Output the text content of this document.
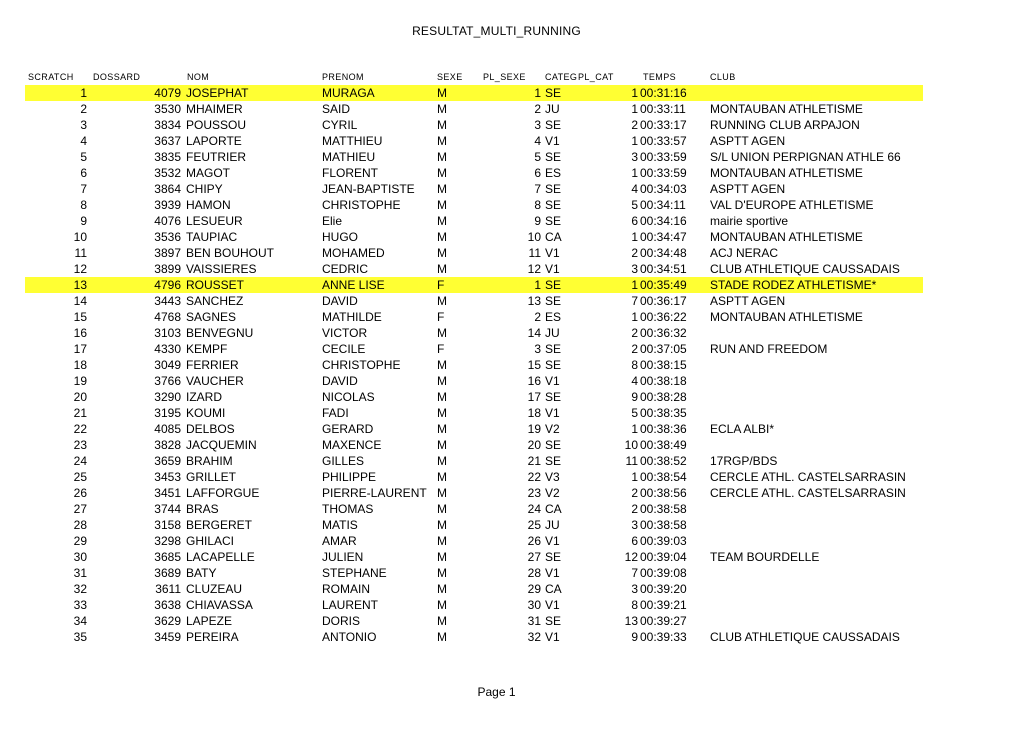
RESULTAT_MULTI_RUNNING
SCRATCH DOSSARD	NOM	PRENOM	SEXE PL_SEXE CATEG PL_CAT	TEMPS	CLUB
1	4079 JOSEPHAT	MURAGA	M	1 SE	1 00:31:16
2	3530 MHAIMER	SAID	M	2 JU	1 00:33:11 MONTAUBAN ATHLETISME
3	3834 POUSSOU	CYRIL	M	3 SE	2 00:33:17 RUNNING CLUB ARPAJON
4	3637 LAPORTE	MATTHIEU	M	4 V1	1 00:33:57 ASPTT AGEN
5	3835 FEUTRIER	MATHIEU	M	5 SE	3 00:33:59 S/L UNION PERPIGNAN ATHLE 66
6	3532 MAGOT	FLORENT	M	6 ES	1 00:33:59 MONTAUBAN ATHLETISME
7	3864 CHIPY	JEAN-BAPTISTE	M	7 SE	4 00:34:03 ASPTT AGEN
8	3939 HAMON	CHRISTOPHE	M	8 SE	5 00:34:11 VAL D'EUROPE ATHLETISME
9	4076 LESUEUR	Elie	M	9 SE	6 00:34:16 mairie sportive
10	3536 TAUPIAC	HUGO	M	10 CA	1 00:34:47 MONTAUBAN ATHLETISME
11	3897 BEN BOUHOUT	MOHAMED	M	11 V1	2 00:34:48 ACJ NERAC
12	3899 VAISSIERES	CEDRIC	M	12 V1	3 00:34:51 CLUB ATHLETIQUE CAUSSADAIS
13	4796 ROUSSET	ANNE LISE	F	1 SE	1 00:35:49 STADE RODEZ ATHLETISME*
14	3443 SANCHEZ	DAVID	M	13 SE	7 00:36:17 ASPTT AGEN
15	4768 SAGNES	MATHILDE	F	2 ES	1 00:36:22 MONTAUBAN ATHLETISME
16	3103 BENVEGNU	VICTOR	M	14 JU	2 00:36:32
17	4330 KEMPF	CECILE	F	3 SE	2 00:37:05 RUN AND FREEDOM
18	3049 FERRIER	CHRISTOPHE	M	15 SE	8 00:38:15
19	3766 VAUCHER	DAVID	M	16 V1	4 00:38:18
20	3290 IZARD	NICOLAS	M	17 SE	9 00:38:28
21	3195 KOUMI	FADI	M	18 V1	5 00:38:35
22	4085 DELBOS	GERARD	M	19 V2	1 00:38:36 ECLA ALBI*
23	3828 JACQUEMIN	MAXENCE	M	20 SE	10 00:38:49
24	3659 BRAHIM	GILLES	M	21 SE	11 00:38:52 17RGP/BDS
25	3453 GRILLET	PHILIPPE	M	22 V3	1 00:38:54 CERCLE ATHL. CASTELSARRASIN
26	3451 LAFFORGUE	PIERRE-LAURENT M	23 V2	2 00:38:56 CERCLE ATHL. CASTELSARRASIN
27	3744 BRAS	THOMAS	M	24 CA	2 00:38:58
28	3158 BERGERET	MATIS	M	25 JU	3 00:38:58
29	3298 GHILACI	AMAR	M	26 V1	6 00:39:03
30	3685 LACAPELLE	JULIEN	M	27 SE	12 00:39:04 TEAM BOURDELLE
31	3689 BATY	STEPHANE	M	28 V1	7 00:39:08
32	3611 CLUZEAU	ROMAIN	M	29 CA	3 00:39:20
33	3638 CHIAVASSA	LAURENT	M	30 V1	8 00:39:21
34	3629 LAPEZE	DORIS	M	31 SE	13 00:39:27
35	3459 PEREIRA	ANTONIO	M	32 V1	9 00:39:33 CLUB ATHLETIQUE CAUSSADAIS
Page 1
